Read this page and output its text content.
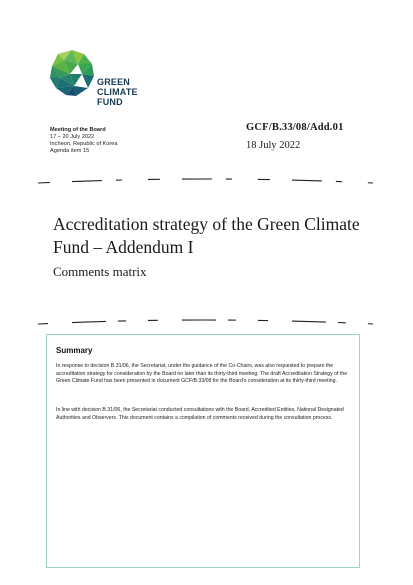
GREEN
CLIMATE
FUND
Meeting of the Board
17 – 20 July 2022
Incheon, Republic of Korea
Agenda item 15
GCF/B.33/08/Add.01
18 July 2022
Accreditation strategy of the Green Climate Fund – Addendum I
Comments matrix
Summary

In response to decision B.31/06, the Secretariat, under the guidance of the Co-Chairs, was also requested to prepare the accreditation strategy for consideration by the Board no later than its thirty-third meeting. The draft Accreditation Strategy of the Green Climate Fund has been presented in document GCF/B.33/08 for the Board's consideration at its thirty-third meeting.

In line with decision B.31/06, the Secretariat conducted consultations with the Board, Accredited Entities, National Designated Authorities and Observers. This document contains a compilation of comments received during the consultation process.
